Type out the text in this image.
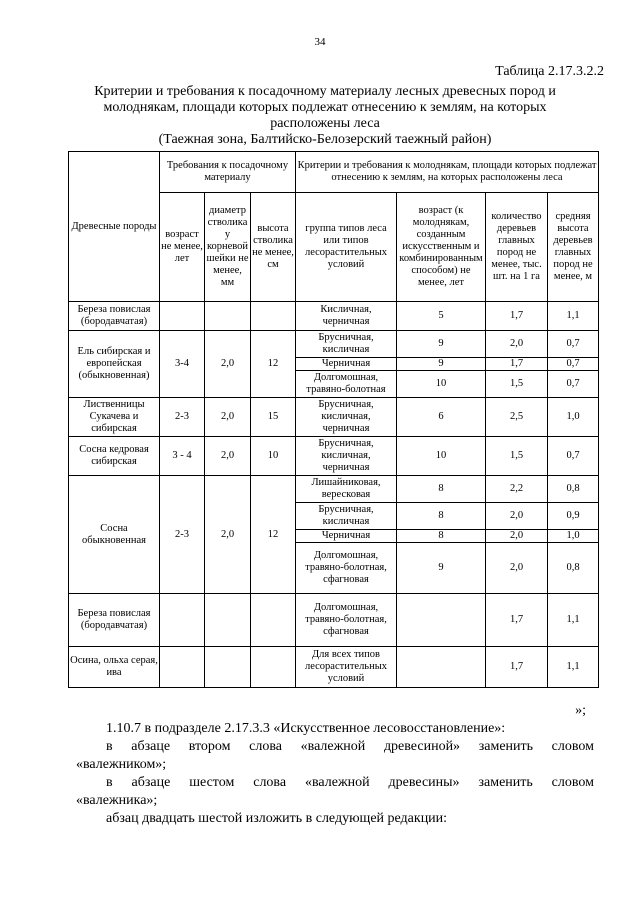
34
Таблица 2.17.3.2.2
Критерии и требования к посадочному материалу лесных древесных пород и
молоднякам, площади которых подлежат отнесению к землям, на которых
расположены леса
(Таежная зона, Балтийско-Белозерский таежный район)
Древесные породы	Требования к посадочному материалу			Критерии и требования к молоднякам, площади которых подлежат отнесению к землям, на которых расположены леса			
	возраст не менее, лет	диаметр стволика у корневой шейки не менее, мм	высота стволика не менее, см	группа типов леса или типов лесорастительных условий	возраст (к молоднякам, созданным искусственным и комбинированным способом) не менее, лет	количество деревьев главных пород не менее, тыс. шт. на 1 га	средняя высота деревьев главных пород не менее, м
Береза повислая (бородавчатая)				Кисличная, черничная	5	1,7	1,1
Ель сибирская и европейская (обыкновенная)	3-4	2,0	12	Брусничная, кисличная	9	2,0	0,7
				Черничная	9	1,7	0,7
				Долгомошная, травяно-болотная	10	1,5	0,7
Лиственницы Сукачева и сибирская	2-3	2,0	15	Брусничная, кисличная, черничная	6	2,5	1,0
Сосна кедровая сибирская	3 - 4	2,0	10	Брусничная, кисличная, черничная	10	1,5	0,7
Сосна обыкновенная	2-3	2,0	12	Лишайниковая, вересковая	8	2,2	0,8
				Брусничная, кисличная	8	2,0	0,9
				Черничная	8	2,0	1,0
				Долгомошная, травяно-болотная, сфагновая	9	2,0	0,8
Береза повислая (бородавчатая)				Долгомошная, травяно-болотная, сфагновая		1,7	1,1
Осина, ольха серая, ива				Для всех типов лесорастительных условий		1,7	1,1
»;

1.10.7 в подразделе 2.17.3.3 «Искусственное лесовосстановление»:

в абзаце втором слова «валежной древесиной» заменить словом

«валежником»;

в абзаце шестом слова «валежной древесины» заменить словом

«валежника»;

абзац двадцать шестой изложить в следующей редакции:
